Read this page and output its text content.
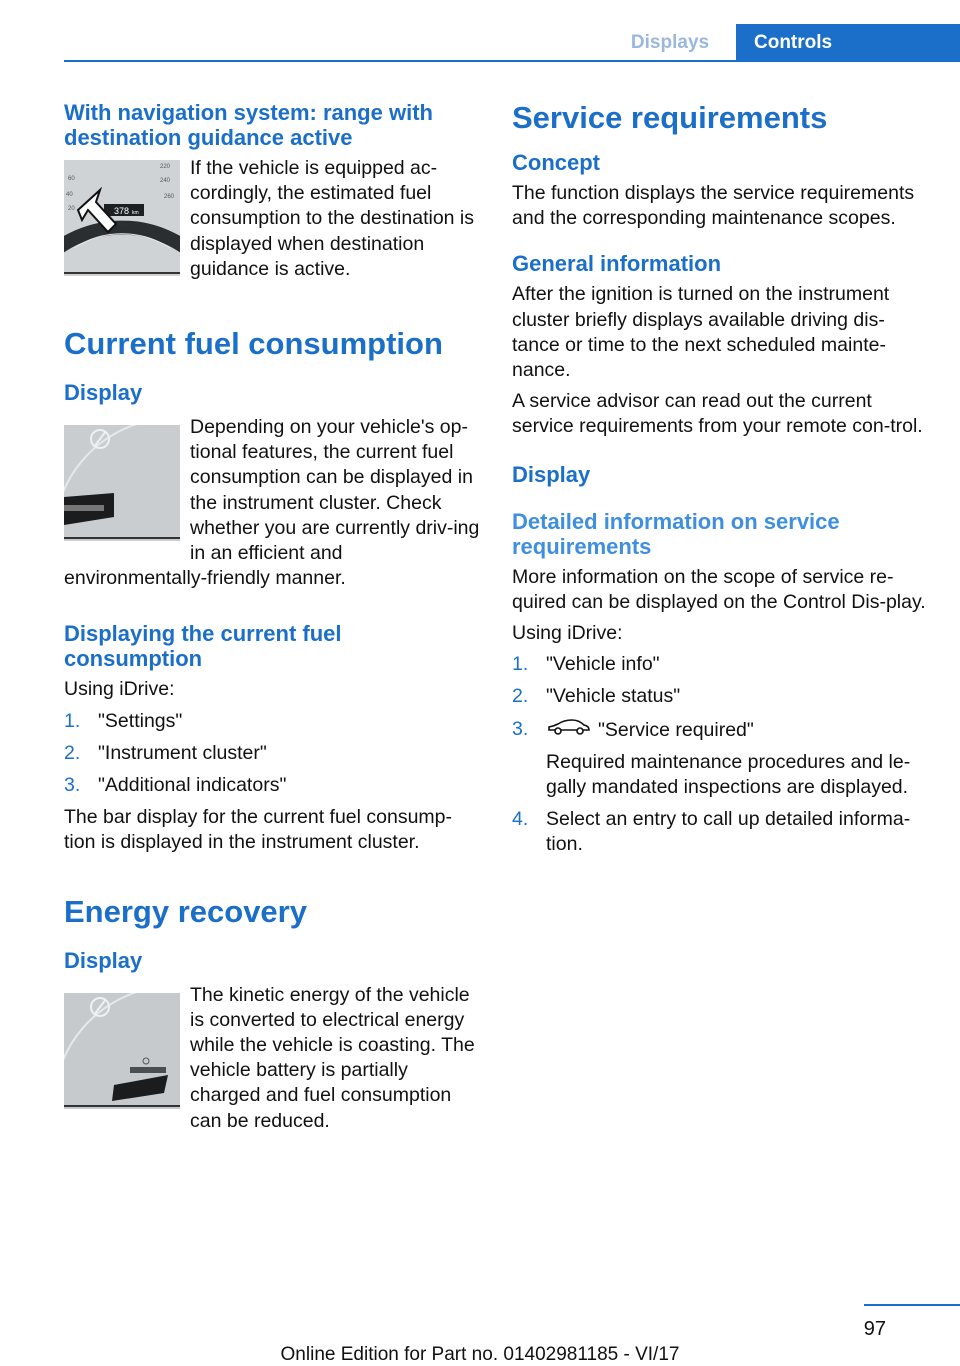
Displays	Controls
With navigation system: range with destination guidance active
378 km
400
60	240
260
220
40
20
If the vehicle is equipped ac-cordingly, the estimated fuel consumption to the destination is displayed when destination guidance is active.
Current fuel consumption
Display
Depending on your vehicle's op-tional features, the current fuel consumption can be displayed in the instrument cluster. Check whether you are currently driv-ing in an efficient and environmentally-friendly manner.
Displaying the current fuel consumption
Using iDrive:
1. "Settings"
2. "Instrument cluster"
3. "Additional indicators"
The bar display for the current fuel consump-tion is displayed in the instrument cluster.
Energy recovery
Display
The kinetic energy of the vehicle is converted to electrical energy while the vehicle is coasting. The vehicle battery is partially charged and fuel consumption can be reduced.
Service requirements
Concept
The function displays the service requirements and the corresponding maintenance scopes.
General information
After the ignition is turned on the instrument cluster briefly displays available driving dis-tance or time to the next scheduled mainte-nance.
A service advisor can read out the current service requirements from your remote con-trol.
Display
Detailed information on service requirements
More information on the scope of service re-quired can be displayed on the Control Dis-play.
Using iDrive:
1. "Vehicle info"
2. "Vehicle status"
3.	"Service required"
Required maintenance procedures and le-gally mandated inspections are displayed.
4. Select an entry to call up detailed informa-tion.
97
Online Edition for Part no. 01402981185 - VI/17
